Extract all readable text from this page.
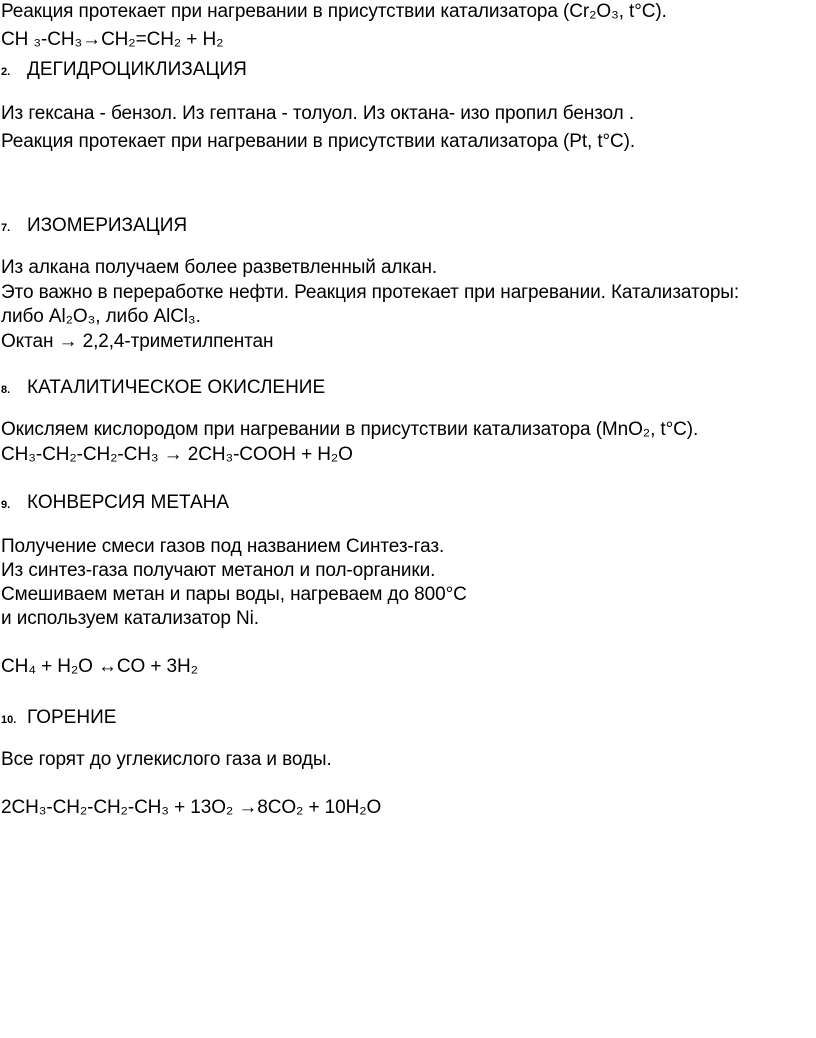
Реакция протекает при нагревании в присутствии катализатора (Cr₂O₃, t°C).
CH ₃-CH₃→CH₂=CH₂ + H₂
2. ДЕГИДРОЦИКЛИЗАЦИЯ
Из гексана - бензол. Из гептана - толуол. Из октана- изо пропил бензол .
Реакция протекает при нагревании в присутствии катализатора (Pt, t°C).
7. ИЗОМЕРИЗАЦИЯ
Из алкана получаем более разветвленный алкан.
Это важно в переработке нефти. Реакция протекает при нагревании. Катализаторы:
либо Al₂O₃, либо AlCl₃.
Октан → 2,2,4-триметилпентан
8. КАТАЛИТИЧЕСКОЕ ОКИСЛЕНИЕ
Окисляем кислородом при нагревании в присутствии катализатора (MnO₂, t°C).
CH₃-CH₂-CH₂-CH₃ → 2CH₃-COOH + H₂O
9. КОНВЕРСИЯ МЕТАНА
Получение смеси газов под названием Синтез-газ.
Из синтез-газа получают метанол и пол-органики.
Смешиваем метан и пары воды, нагреваем до 800°C
и используем катализатор Ni.
CH₄ + H₂O ↔CO + 3H₂
10. ГОРЕНИЕ
Все горят до углекислого газа и воды.
2CH₃-CH₂-CH₂-CH₃ + 13O₂ →8CO₂ + 10H₂O
